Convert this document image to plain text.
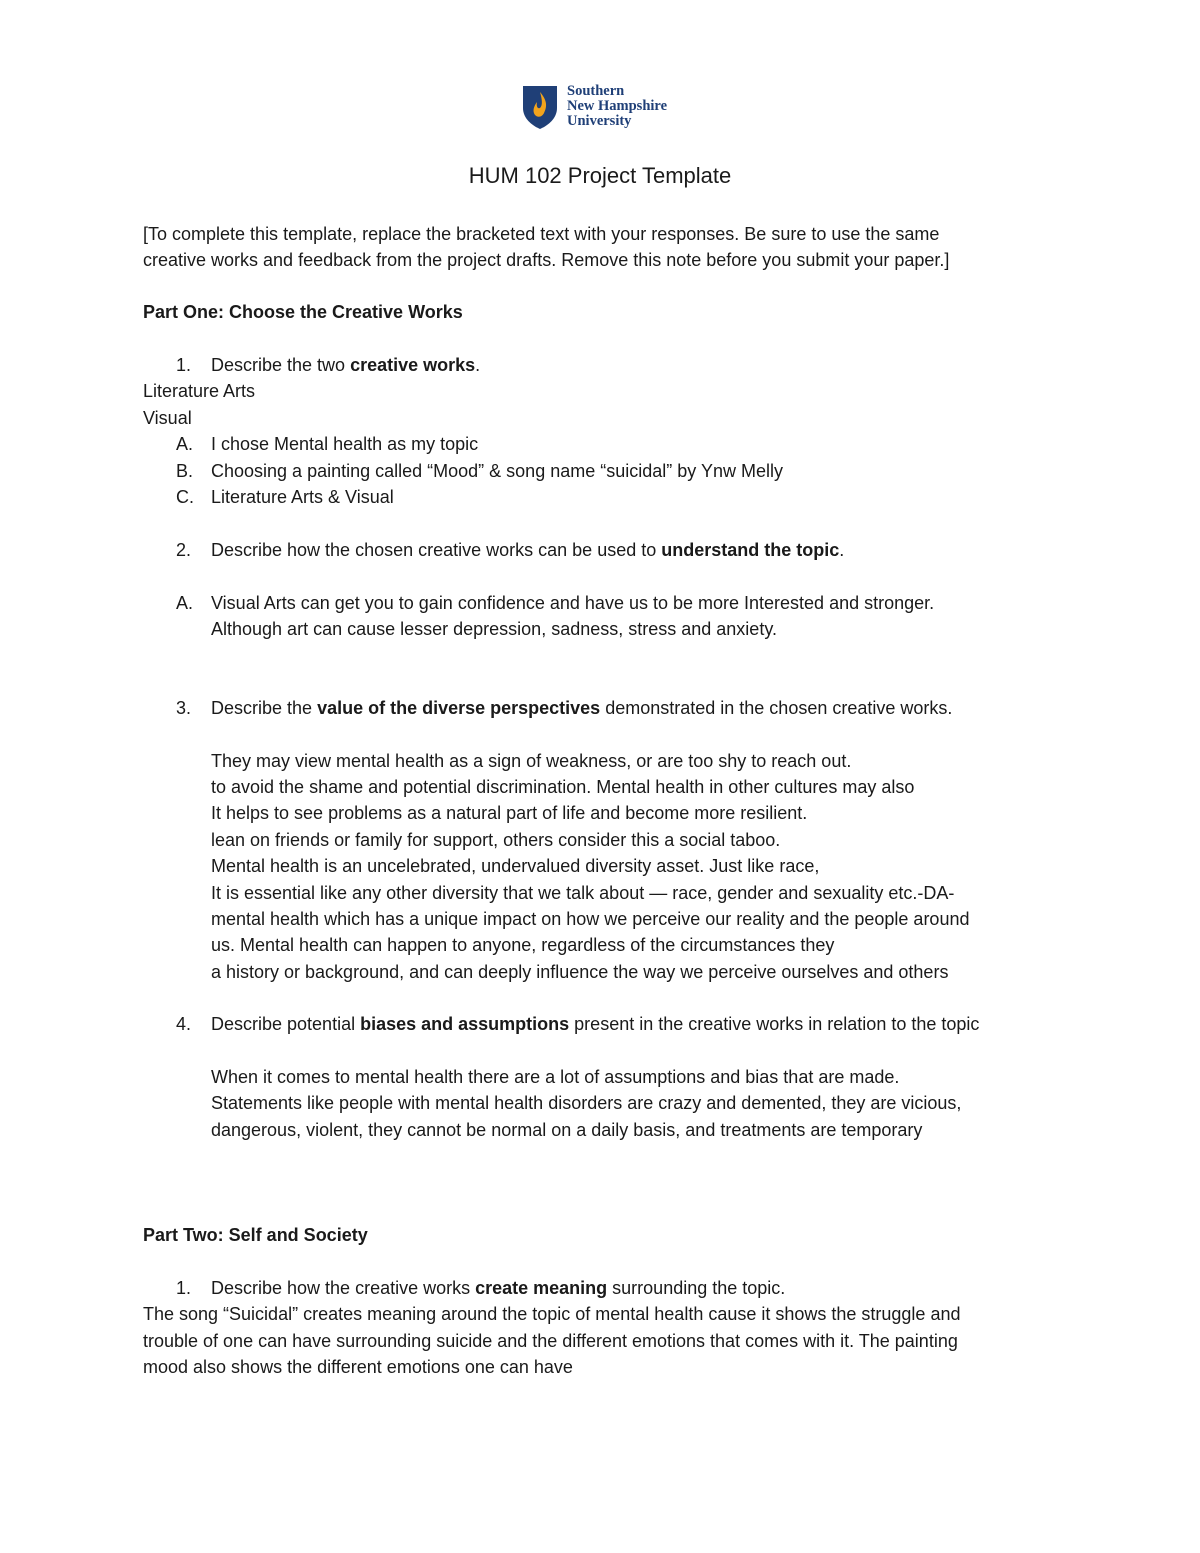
Southern
New Hampshire
University
HUM 102 Project Template
[To complete this template, replace the bracketed text with your responses. Be sure to use the same
creative works and feedback from the project drafts. Remove this note before you submit your paper.]
Part One: Choose the Creative Works
1. Describe the two creative works.
Literature Arts
Visual
A. I chose Mental health as my topic
B. Choosing a painting called “Mood” & song name “suicidal” by Ynw Melly
C. Literature Arts & Visual
2. Describe how the chosen creative works can be used to understand the topic.
A. Visual Arts can get you to gain confidence and have us to be more Interested and stronger.
Although art can cause lesser depression, sadness, stress and anxiety.
3. Describe the value of the diverse perspectives demonstrated in the chosen creative works.
They may view mental health as a sign of weakness, or are too shy to reach out.
to avoid the shame and potential discrimination. Mental health in other cultures may also
It helps to see problems as a natural part of life and become more resilient.
lean on friends or family for support, others consider this a social taboo.
Mental health is an uncelebrated, undervalued diversity asset. Just like race,
It is essential like any other diversity that we talk about — race, gender and sexuality etc.-DA-
mental health which has a unique impact on how we perceive our reality and the people around
us. Mental health can happen to anyone, regardless of the circumstances they
a history or background, and can deeply influence the way we perceive ourselves and others
4. Describe potential biases and assumptions present in the creative works in relation to the topic
When it comes to mental health there are a lot of assumptions and bias that are made.
Statements like people with mental health disorders are crazy and demented, they are vicious,
dangerous, violent, they cannot be normal on a daily basis, and treatments are temporary
Part Two: Self and Society
1. Describe how the creative works create meaning surrounding the topic.
The song “Suicidal” creates meaning around the topic of mental health cause it shows the struggle and
trouble of one can have surrounding suicide and the different emotions that comes with it. The painting
mood also shows the different emotions one can have
